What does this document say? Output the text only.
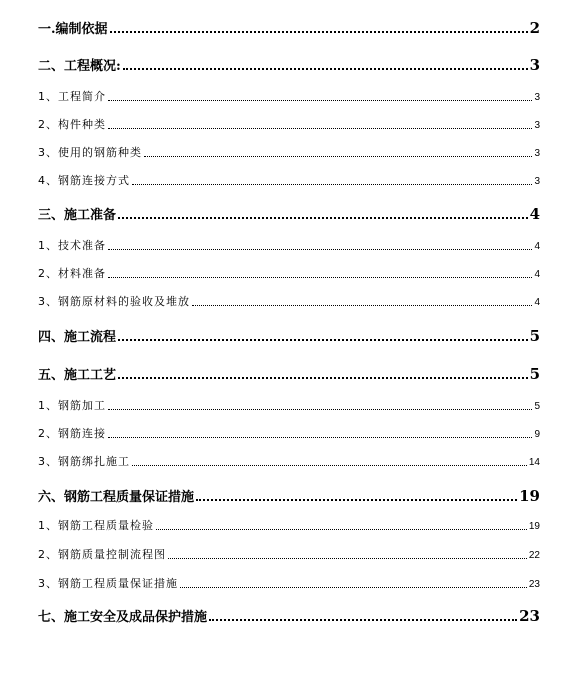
一.编制依据	2
二、工程概况:	3
1、工程简介	3
2、构件种类	3
3、使用的钢筋种类	3
4、钢筋连接方式	3
三、施工准备	4
1、技术准备	4
2、材料准备	4
3、钢筋原材料的验收及堆放	4
四、施工流程	5
五、施工工艺	5
1、钢筋加工	5
2、钢筋连接	9
3、钢筋绑扎施工	14
六、钢筋工程质量保证措施	19
1、钢筋工程质量检验	19
2、钢筋质量控制流程图	22
3、钢筋工程质量保证措施	23
七、施工安全及成品保护措施	23
